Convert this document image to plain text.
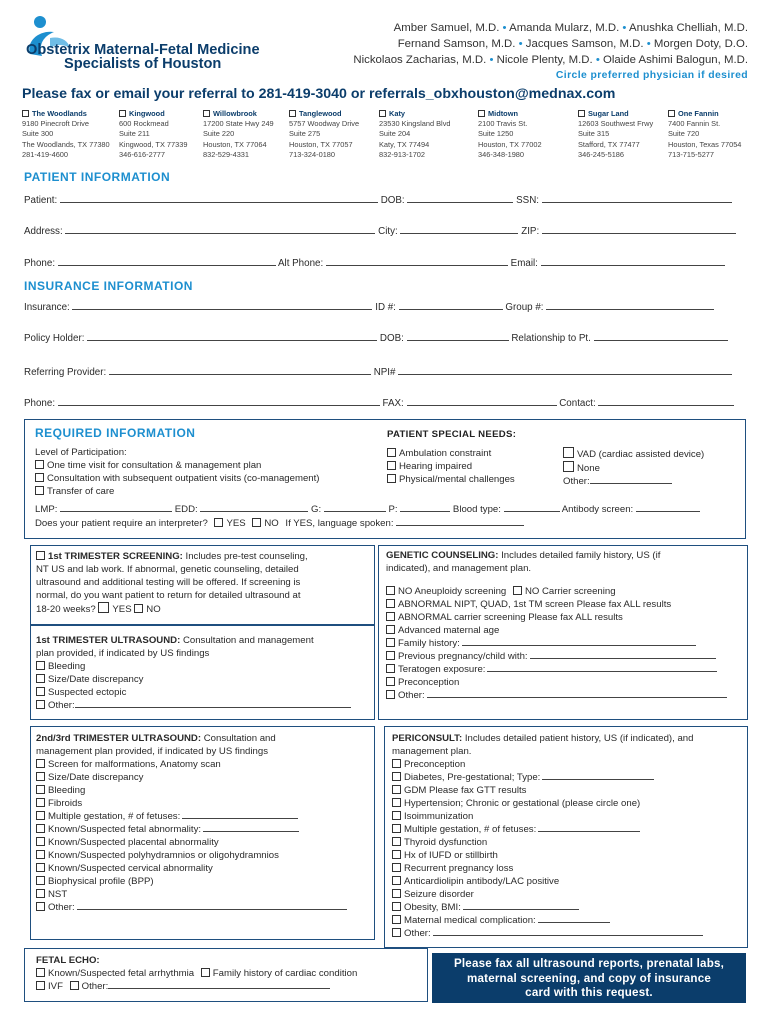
Obstetrix Maternal-Fetal Medicine
Specialists of Houston
Amber Samuel, M.D. • Amanda Mularz, M.D. • Anushka Chelliah, M.D.
Fernand Samson, M.D. • Jacques Samson, M.D. • Morgen Doty, D.O.
Nickolaos Zacharias, M.D. • Nicole Plenty, M.D. • Olaide Ashimi Balogun, M.D.
Circle preferred physician if desired
Please fax or email your referral to 281-419-3040 or referrals_obxhouston@mednax.com
The Woodlands
9180 Pinecroft Drive
Suite 300
The Woodlands, TX 77380
281-419-4600
Kingwood
600 Rockmead
Suite 211
Kingwood, TX 77339
346-616-2777
Willowbrook
17200 State Hwy 249
Suite 220
Houston, TX 77064
832-529-4331
Tanglewood
5757 Woodway Drive
Suite 275
Houston, TX 77057
713-324-0180
Katy
23530 Kingsland Blvd
Suite 204
Katy, TX 77494
832-913-1702
Midtown
2100 Travis St.
Suite 1250
Houston, TX 77002
346-348-1980
Sugar Land
12603 Southwest Frwy
Suite 315
Stafford, TX 77477
346-245-5186
One Fannin
7400 Fannin St.
Suite 720
Houston, Texas 77054
713-715-5277
PATIENT INFORMATION
Patient:	DOB:	SSN:
Address:	City:	ZIP:
Phone:	Alt Phone:	Email:
INSURANCE INFORMATION
Insurance:	ID #:	Group #:
Policy Holder:	DOB:	Relationship to Pt.
Referring Provider:	NPI#
Phone:	FAX:	Contact:
REQUIRED INFORMATION
Level of Participation:
One time visit for consultation & management plan
Consultation with subsequent outpatient visits (co-management)
Transfer of care
PATIENT SPECIAL NEEDS:
Ambulation constraint
Hearing impaired
Physical/mental challenges
VAD (cardiac assisted device)
None
Other:
LMP:	EDD:	G:	P:	Blood type:	Antibody screen:
Does your patient require an interpreter? YES NO If YES, language spoken:
1st TRIMESTER SCREENING: Includes pre-test counseling,
NT US and lab work. If abnormal, genetic counseling, detailed
ultrasound and additional testing will be offered. If screening is
normal, do you want patient to return for detailed ultrasound at
18-20 weeks? YES NO
1st TRIMESTER ULTRASOUND: Consultation and management
plan provided, if indicated by US findings
Bleeding
Size/Date discrepancy
Suspected ectopic
Other:
2nd/3rd TRIMESTER ULTRASOUND: Consultation and
management plan provided, if indicated by US findings
Screen for malformations, Anatomy scan
Size/Date discrepancy
Bleeding
Fibroids
Multiple gestation, # of fetuses:
Known/Suspected fetal abnormality:
Known/Suspected placental abnormality
Known/Suspected polyhydramnios or oligohydramnios
Known/Suspected cervical abnormality
Biophysical profile (BPP)
NST
Other:
FETAL ECHO:
Known/Suspected fetal arrhythmia Family history of cardiac condition
IVF Other:
GENETIC COUNSELING: Includes detailed family history, US (if
indicated), and management plan.
NO Aneuploidy screening NO Carrier screening
ABNORMAL NIPT, QUAD, 1st TM screen Please fax ALL results
ABNORMAL carrier screening Please fax ALL results
Advanced maternal age
Family history:
Previous pregnancy/child with:
Teratogen exposure:
Preconception
Other:
PERICONSULT: Includes detailed patient history, US (if indicated), and
management plan.
Preconception
Diabetes, Pre-gestational; Type:
GDM Please fax GTT results
Hypertension; Chronic or gestational (please circle one)
Isoimmunization
Multiple gestation, # of fetuses:
Thyroid dysfunction
Hx of IUFD or stillbirth
Recurrent pregnancy loss
Anticardiolipin antibody/LAC positive
Seizure disorder
Obesity, BMI:
Maternal medical complication:
Other:
Please fax all ultrasound reports, prenatal labs,
maternal screening, and copy of insurance
card with this request.
